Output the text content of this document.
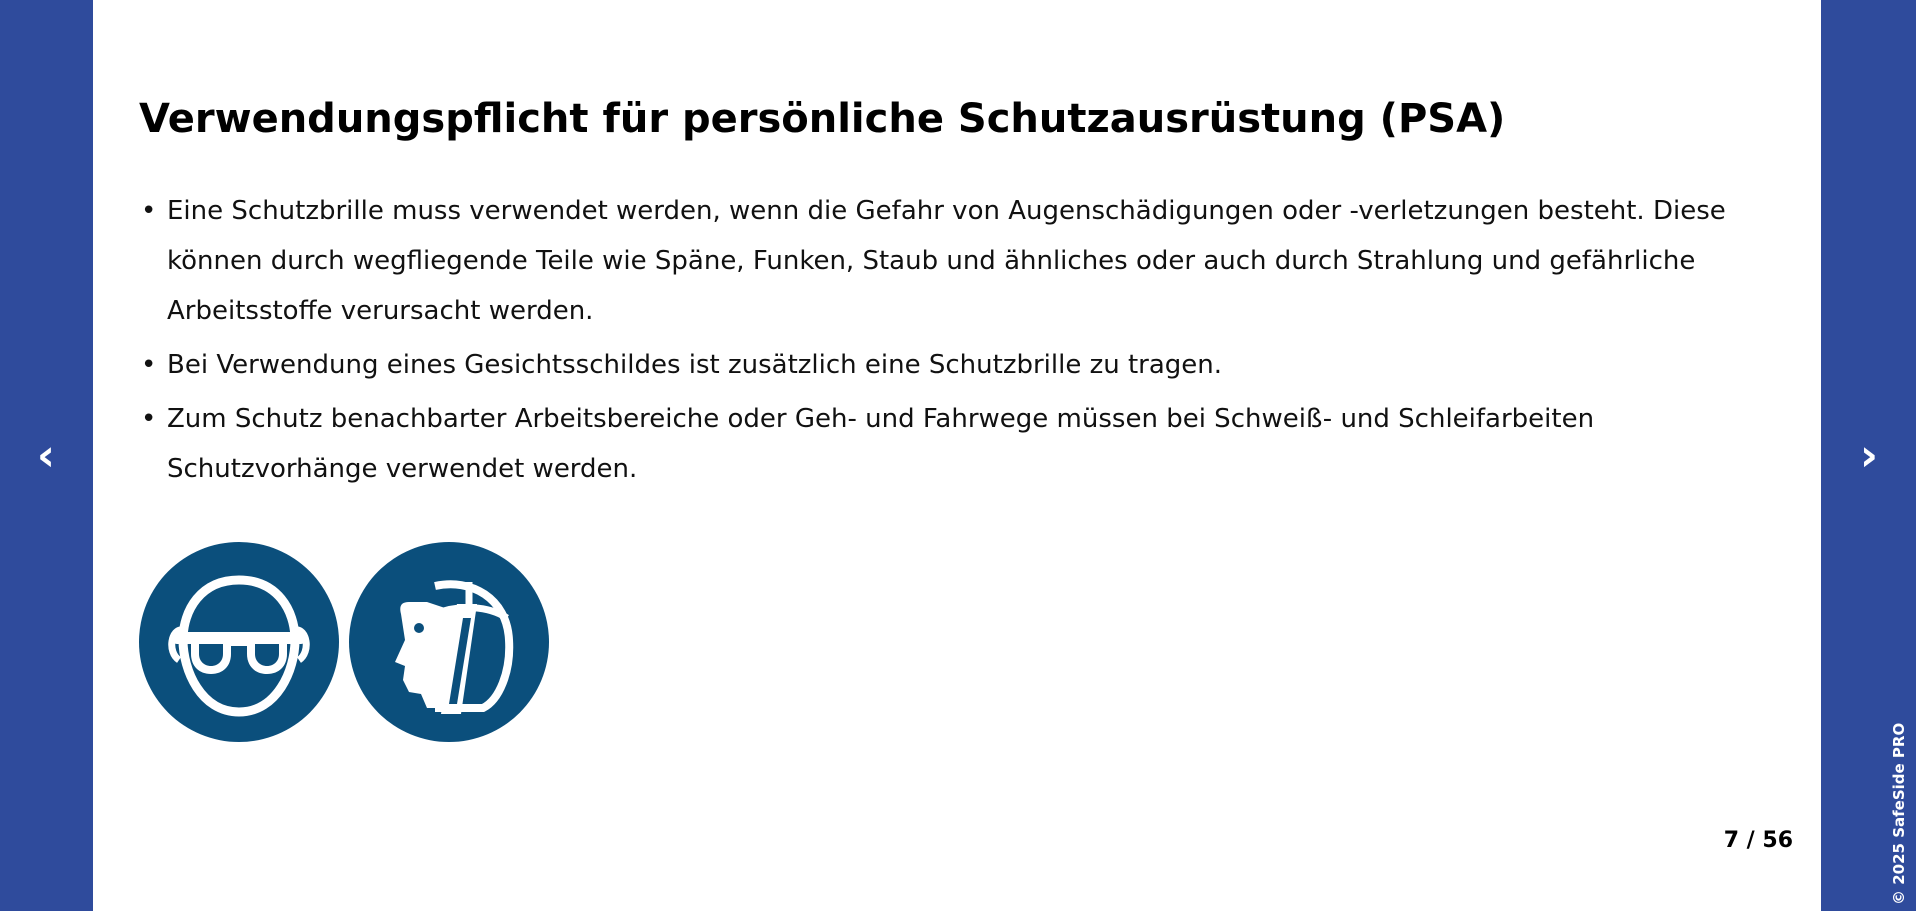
‹	›
© 2025 SafeSide PRO
Verwendungspflicht für persönliche Schutzausrüstung (PSA)
• Eine Schutzbrille muss verwendet werden, wenn die Gefahr von Augenschädigungen oder -verletzungen besteht. Diese können durch wegfliegende Teile wie Späne, Funken, Staub und ähnliches oder auch durch Strahlung und gefährliche Arbeitsstoffe verursacht werden.
• Bei Verwendung eines Gesichtsschildes ist zusätzlich eine Schutzbrille zu tragen.
• Zum Schutz benachbarter Arbeitsbereiche oder Geh- und Fahrwege müssen bei Schweiß- und Schleifarbeiten Schutzvorhänge verwendet werden.
7 / 56
